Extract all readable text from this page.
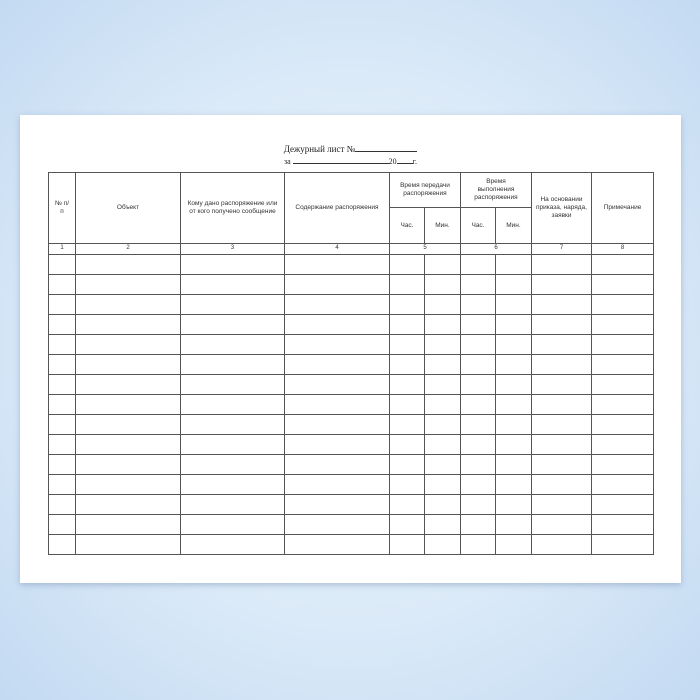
Дежурный лист №
за	20 г.
№ п/п	Объект	Кому дано распоряжение или от кого получено сообщение	Содержание распоряжения	Время передачи распоряжения		Время выполнения распоряжения		На основании приказа, наряда, заявки	Примечание
				Час.	Мин.	Час.	Мин.		
1	2	3	4	5		6		7	8
